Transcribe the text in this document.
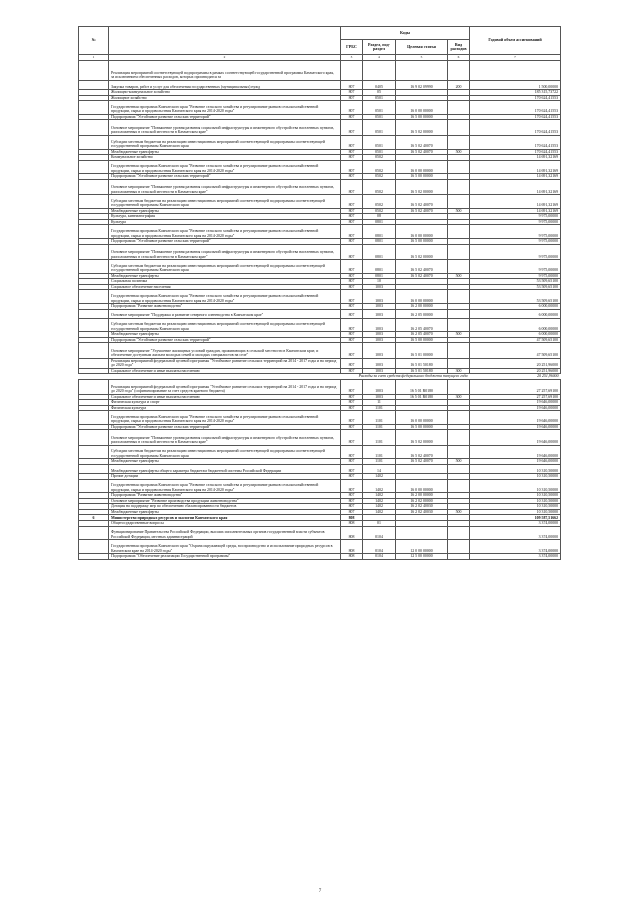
№		Коды				Годовой объем ассигнований
		ГРБС	Раздел, под- раздел	Целевая статья	Вид расходов	
1	2	3	4	5	6	7
	Реализация мероприятий соответствующей подпрограммы в рамках соответствующей государственной программы Камчатского края, за исключением обеспеченных расходов, которых производятся за					
	Закупка товаров, работ и услуг для обеспечения государственных (муниципальных) нужд	807	0405	16 9 02 09990	200	1 500,00000
	Жилищно-коммунальное хозяйство	807	05			185 315,73722
	Жилищное хозяйство	807	0501			170 624,41553
	Государственная программа Камчатского края "Развитие сельского хозяйства и регулирование рынков сельскохозяйственной продукции, сырья и продовольствия Камчатского края на 2014-2020 годы"	807	0501	16 0 00 00000		170 624,41553
	Подпрограмма "Устойчивое развитие сельских территорий"	807	0501	16 5 00 00000		170 624,41553
	Основное мероприятие "Повышение уровня развития социальной инфраструктуры и инженерного обустройства населенных пунктов, расположенных в сельской местности в Камчатском крае"	807	0501	16 5 02 00000		170 624,41553
	Субсидии местным бюджетам на реализацию инвестиционных мероприятий соответствующей подпрограммы соответствующей государственной программы Камчатского края	807	0501	16 5 02 40070		170 624,41553
	Межбюджетные трансферты	807	0501	16 5 02 40070	500	170 624,41553
	Коммунальное хозяйство	807	0502			14 691,32169
	Государственная программа Камчатского края "Развитие сельского хозяйства и регулирование рынков сельскохозяйственной продукции, сырья и продовольствия Камчатского края на 2014-2020 годы"	807	0502	16 0 00 00000		14 691,32169
	Подпрограмма "Устойчивое развитие сельских территорий"	807	0502	16 5 00 00000		14 691,32169
	Основное мероприятие "Повышение уровня развития социальной инфраструктуры и инженерного обустройства населенных пунктов, расположенных в сельской местности в Камчатском крае"	807	0502	16 5 02 00000		14 691,32169
	Субсидии местным бюджетам на реализацию инвестиционных мероприятий соответствующей подпрограммы соответствующей государственной программы Камчатского края	807	0502	16 5 02 40070		14 691,32169
	Межбюджетные трансферты	807	0502	16 5 02 40070	500	14 691,32169
	Культура, кинематография	807	08			9 975,00000
	Культура	807	0801			9 975,00000
	Государственная программа Камчатского края "Развитие сельского хозяйства и регулирование рынков сельскохозяйственной продукции, сырья и продовольствия Камчатского края на 2014-2020 годы"	807	0801	16 0 00 00000		9 975,00000
	Подпрограмма "Устойчивое развитие сельских территорий"	807	0801	16 5 00 00000		9 975,00000
	Основное мероприятие "Повышение уровня развития социальной инфраструктуры и инженерного обустройства населенных пунктов, расположенных в сельской местности в Камчатском крае"	807	0801	16 5 02 00000		9 975,00000
	Субсидии местным бюджетам на реализацию инвестиционных мероприятий соответствующей подпрограммы соответствующей государственной программы Камчатского края	807	0801	16 5 02 40070		9 975,00000
	Межбюджетные трансферты	807	0801	16 5 02 40070	500	9 975,00000
	Социальная политика	807	10			53 509,65100
	Социальное обеспечение населения	807	1003			53 509,65100
	Государственная программа Камчатского края "Развитие сельского хозяйства и регулирование рынков сельскохозяйственной продукции, сырья и продовольствия Камчатского края на 2014-2020 годы"	807	1003	16 0 00 00000		53 509,65100
	Подпрограмма "Развитие животноводства"	807	1003	16 2 00 00000		6 000,00000
	Основное мероприятие "Поддержка и развитие северного оленеводства в Камчатском крае"	807	1003	16 2 05 00000		6 000,00000
	Субсидии местным бюджетам на реализацию инвестиционных мероприятий соответствующей подпрограммы соответствующей государственной программы Камчатского края	807	1003	16 2 05 40070		6 000,00000
	Межбюджетные трансферты	807	1003	16 2 05 40070	500	6 000,00000
	Подпрограмма "Устойчивое развитие сельских территорий"	807	1003	16 5 00 00000		47 509,65100
	Основное мероприятие "Улучшение жилищных условий граждан, проживающих в сельской местности в Камчатском крае, и обеспечение доступным жильем молодых семей и молодых специалистов на селе"	807	1003	16 5 01 00000		47 509,65100
	Реализация мероприятий федеральной целевой программы "Устойчивое развитие сельских территорий на 2014 - 2017 годы и на период до 2020 года"	807	1003	16 5 01 50180		20 251,96000
	Социальное обеспечение и иные выплаты населению	807	1003	16 5 01 50180	300	20 251,96000
Расходы за счет средств федерального бюджета текущего года						20 251,96000
	Реализация мероприятий федеральной целевой программы "Устойчивое развитие сельских территорий на 2014 - 2017 годы и на период до 2020 года" (софинансирование за счет средств краевого бюджета)	807	1003	16 5 01 R0180		27 257,69100
	Социальное обеспечение и иные выплаты населению	807	1003	16 5 01 R0180	300	27 257,69100
	Физическая культура и спорт	807	11			19 646,00000
	Физическая культура	807	1101			19 646,00000
	Государственная программа Камчатского края "Развитие сельского хозяйства и регулирование рынков сельскохозяйственной продукции, сырья и продовольствия Камчатского края на 2014-2020 годы"	807	1101	16 0 00 00000		19 646,00000
	Подпрограмма "Устойчивое развитие сельских территорий"	807	1101	16 5 00 00000		19 646,00000
	Основное мероприятие "Повышение уровня развития социальной инфраструктуры и инженерного обустройства населенных пунктов, расположенных в сельской местности в Камчатском крае"	807	1101	16 5 02 00000		19 646,00000
	Субсидии местным бюджетам на реализацию инвестиционных мероприятий соответствующей подпрограммы соответствующей государственной программы Камчатского края	807	1101	16 5 02 40070		19 646,00000
	Межбюджетные трансферты	807	1101	16 5 02 40070	500	19 646,00000
	Межбюджетные трансферты общего характера бюджетам бюджетной системы Российской Федерации	807	14			10 310,50000
	Прочие дотации	807	1402			10 310,50000
	Государственная программа Камчатского края "Развитие сельского хозяйства и регулирование рынков сельскохозяйственной продукции, сырья и продовольствия Камчатского края на 2014-2020 годы"	807	1402	16 0 00 00000		10 310,50000
	Подпрограмма "Развитие животноводства"	807	1402	16 2 00 00000		10 310,50000
	Основное мероприятие "Развитие производства продукции животноводства"	807	1402	16 2 02 00000		10 310,50000
	Дотация на поддержку мер по обеспечению сбалансированности бюджетов	807	1402	16 2 02 40030		10 310,50000
	Межбюджетные трансферты	807	1402	16 2 02 40030	500	10 310,50000
6	Министерство природных ресурсов и экологии Камчатского края	808				109 587,51662
	Общегосударственные вопросы	808	01			3 374,00000
	Функционирование Правительства Российской Федерации, высших исполнительных органов государственной власти субъектов Российской Федерации, местных администраций	808	0104			3 374,00000
	Государственная программа Камчатского края "Охрана окружающей среды, воспроизводство и использование природных ресурсов в Камчатском крае на 2014-2020 годы"	808	0104	12 0 00 00000		3 374,00000
	Подпрограмма "Обеспечение реализации Государственной программы"	808	0104	12 5 00 00000		3 374,00000
7
